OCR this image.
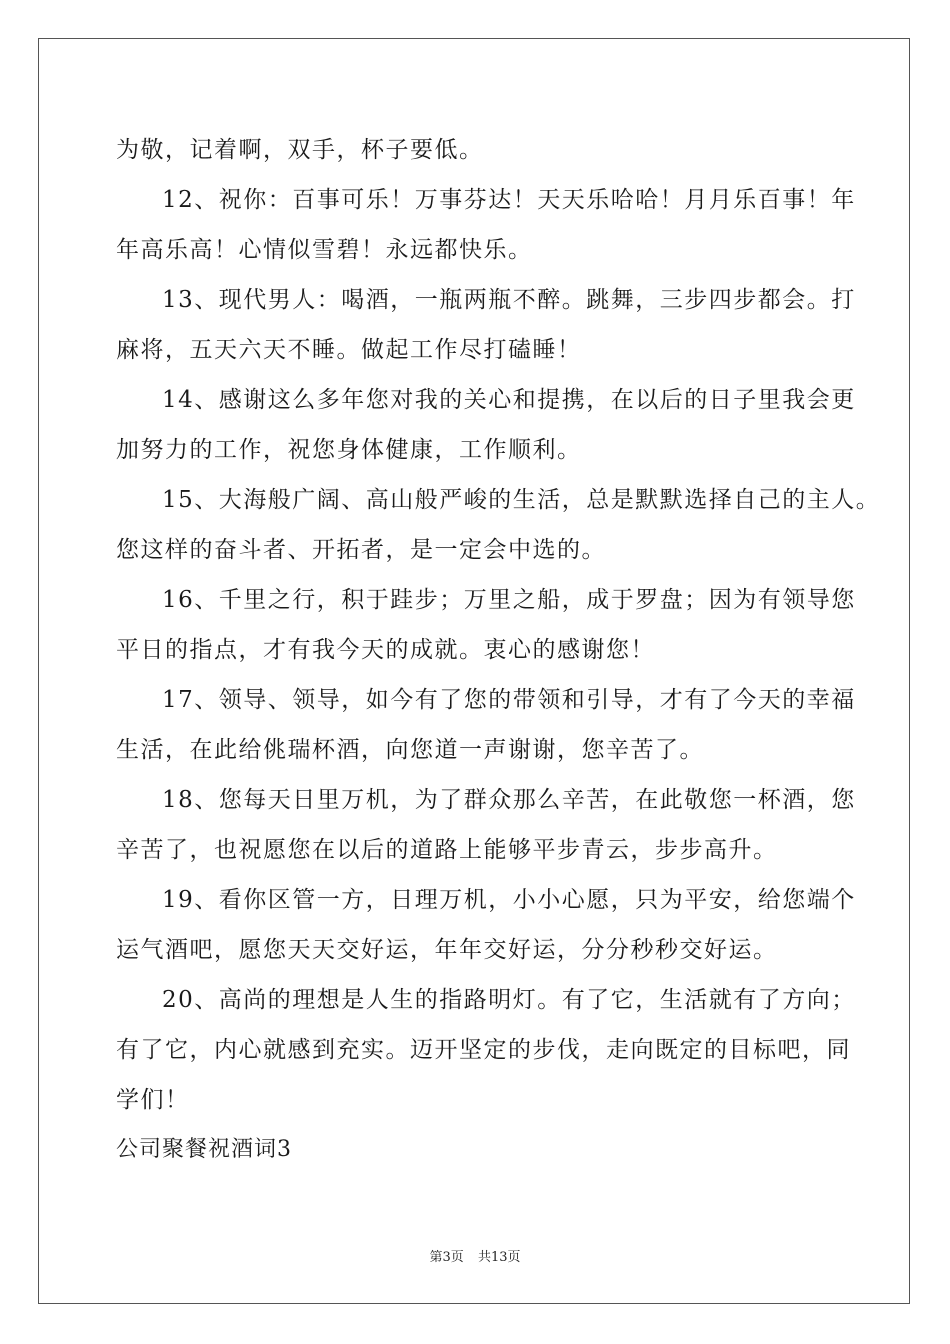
为敬，记着啊，双手，杯子要低。
12、祝你：百事可乐！万事芬达！天天乐哈哈！月月乐百事！年
年高乐高！心情似雪碧！永远都快乐。
13、现代男人：喝酒，一瓶两瓶不醉。跳舞，三步四步都会。打
麻将，五天六天不睡。做起工作尽打磕睡！
14、感谢这么多年您对我的关心和提携，在以后的日子里我会更
加努力的工作，祝您身体健康，工作顺利。
15、大海般广阔、高山般严峻的生活，总是默默选择自己的主人。
您这样的奋斗者、开拓者，是一定会中选的。
16、千里之行，积于跬步；万里之船，成于罗盘；因为有领导您
平日的指点，才有我今天的成就。衷心的感谢您！
17、领导、领导，如今有了您的带领和引导，才有了今天的幸福
生活，在此给佻瑞杯酒，向您道一声谢谢，您辛苦了。
18、您每天日里万机，为了群众那么辛苦，在此敬您一杯酒，您
辛苦了，也祝愿您在以后的道路上能够平步青云，步步高升。
19、看你区管一方，日理万机，小小心愿，只为平安，给您端个
运气酒吧，愿您天天交好运，年年交好运，分分秒秒交好运。
20、高尚的理想是人生的指路明灯。有了它，生活就有了方向；
有了它，内心就感到充实。迈开坚定的步伐，走向既定的目标吧，同
学们！
公司聚餐祝酒词3
第3页 共13页
